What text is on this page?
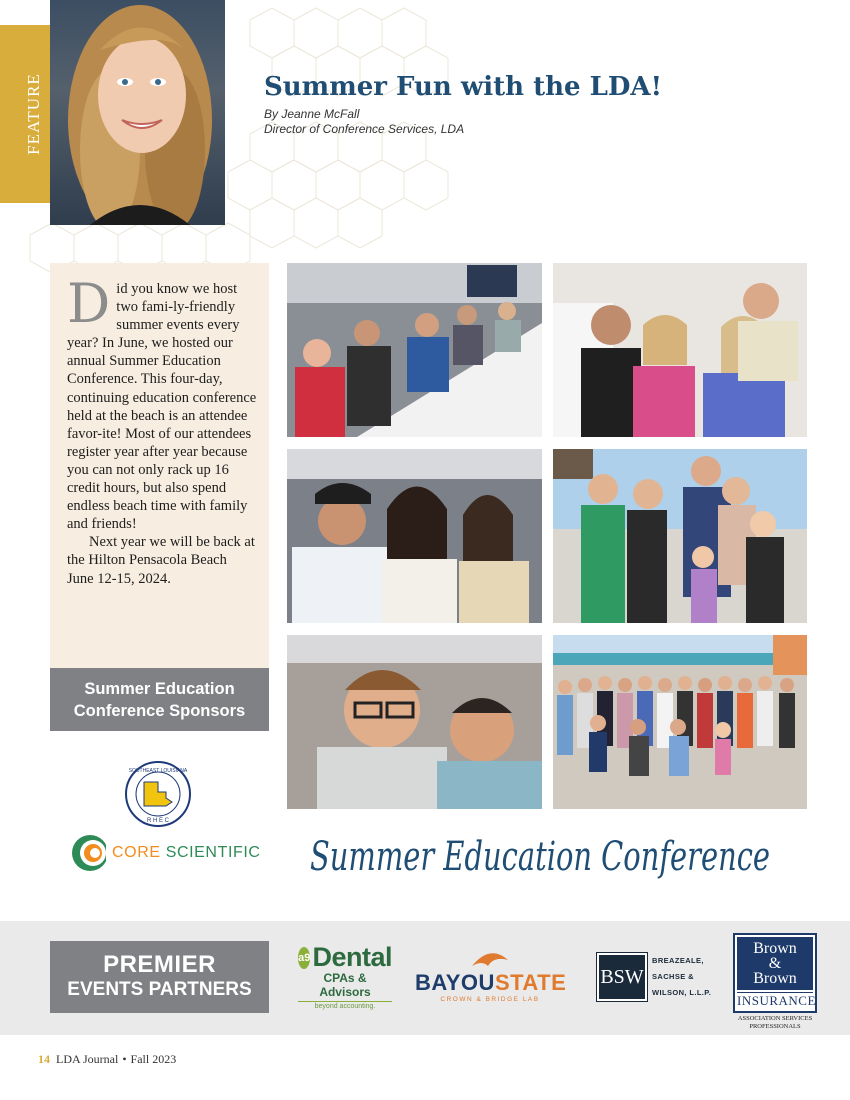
FEATURE	Summer Fun with the LDA!
By Jeanne McFall
Director of Conference Services, LDA

Did you know we host two fami-ly-friendly summer events every year? In June, we hosted our annual Summer Education Conference. This four-day, continuing education conference held at the beach is an attendee favor-ite! Most of our attendees register year after year because you can not only rack up 16 credit hours, but also spend endless beach time with family and friends!

Next year we will be back at the Hilton Pensacola Beach June 12-15, 2024.

Summer Education
Conference Sponsors
SOUTHEAST LOUISIANA
R H E C
CORE SCIENTIFIC Summer Education Conference
PREMIER
EVENTS PARTNERS
a9 Dental
CPAs & Advisors
beyond accounting.
BAYOUSTATE
CROWN & BRIDGE LAB
BSW
BREAZEALE,
SACHSE &
WILSON, L.L.P.
Brown
&
Brown
INSURANCE
ASSOCIATION SERVICES
PROFESSIONALS
14 LDA Journal • Fall 2023
